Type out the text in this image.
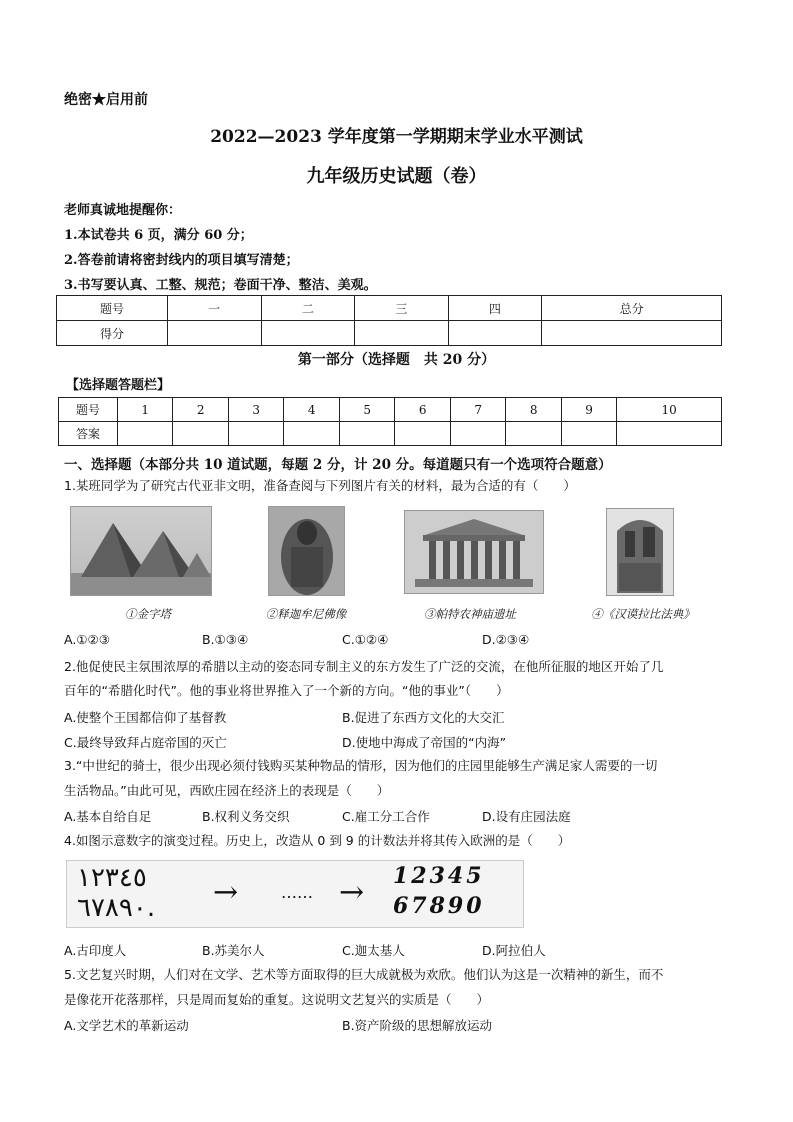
绝密★启用前
2022—2023 学年度第一学期期末学业水平测试
九年级历史试题（卷）
老师真诚地提醒你：
1.本试卷共 6 页，满分 60 分；
2.答卷前请将密封线内的项目填写清楚；
3.书写要认真、工整、规范；卷面干净、整洁、美观。
题号	一	二	三	四	总分
得分					
第一部分（选择题　共 20 分）
【选择题答题栏】
题号	1	2	3	4	5	6	7	8	9	10
答案										
一、选择题（本部分共 10 道试题，每题 2 分，计 20 分。每道题只有一个选项符合题意）
1.某班同学为了研究古代亚非文明，准备查阅与下列图片有关的材料，最为合适的有（　　）
①金字塔	②释迦牟尼佛像	③帕特农神庙遗址	④《汉谟拉比法典》
A.①②③	B.①③④	C.①②④	D.②③④
2.他促使民主氛围浓厚的希腊以主动的姿态同专制主义的东方发生了广泛的交流，在他所征服的地区开始了几
百年的“希腊化时代”。他的事业将世界推入了一个新的方向。“他的事业”（　　）
A.使整个王国都信仰了基督教	B.促进了东西方文化的大交汇
C.最终导致拜占庭帝国的灭亡	D.使地中海成了帝国的“内海”
3.“中世纪的骑士，很少出现必须付钱购买某种物品的情形，因为他们的庄园里能够生产满足家人需要的一切
生活物品。”由此可见，西欧庄园在经济上的表现是（　　）
A.基本自给自足	B.权利义务交织	C.雇工分工合作	D.设有庄园法庭
4.如图示意数字的演变过程。历史上，改造从 0 到 9 的计数法并将其传入欧洲的是（　　）
١٢٣٤٥
٦٧٨٩٠. →	…… → 12345
67890
A.古印度人	B.苏美尔人	C.迦太基人	D.阿拉伯人
5.文艺复兴时期，人们对在文学、艺术等方面取得的巨大成就极为欢欣。他们认为这是一次精神的新生，而不
是像花开花落那样，只是周而复始的重复。这说明文艺复兴的实质是（　　）
A.文学艺术的革新运动	B.资产阶级的思想解放运动
